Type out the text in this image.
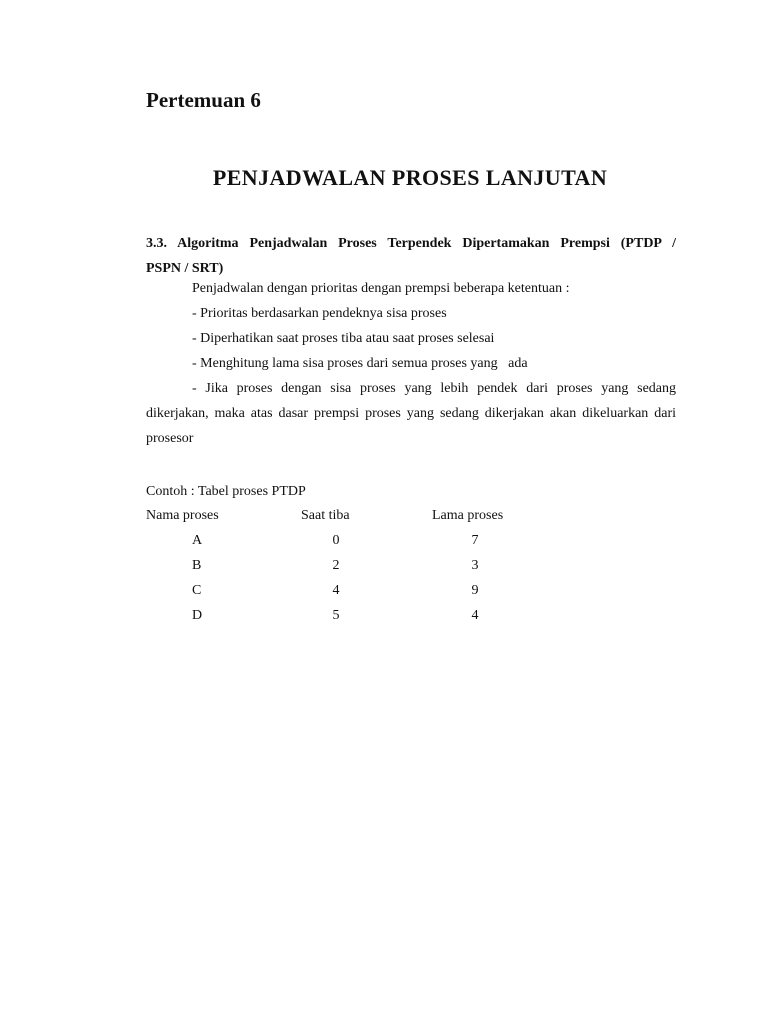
Pertemuan 6
PENJADWALAN PROSES LANJUTAN
3.3. Algoritma Penjadwalan Proses Terpendek Dipertamakan Prempsi (PTDP /
PSPN / SRT)

Penjadwalan dengan prioritas dengan prempsi beberapa ketentuan :

- Prioritas berdasarkan pendeknya sisa proses

- Diperhatikan saat proses tiba atau saat proses selesai

- Menghitung lama sisa proses dari semua proses yang   ada

- Jika proses dengan sisa proses yang lebih pendek dari proses yang sedang dikerjakan, maka atas dasar prempsi proses yang sedang dikerjakan akan dikeluarkan dari prosesor

Contoh : Tabel proses PTDP
Nama proses	Saat tiba	Lama proses
A	0	7
B	2	3
C	4	9
D	5	4
